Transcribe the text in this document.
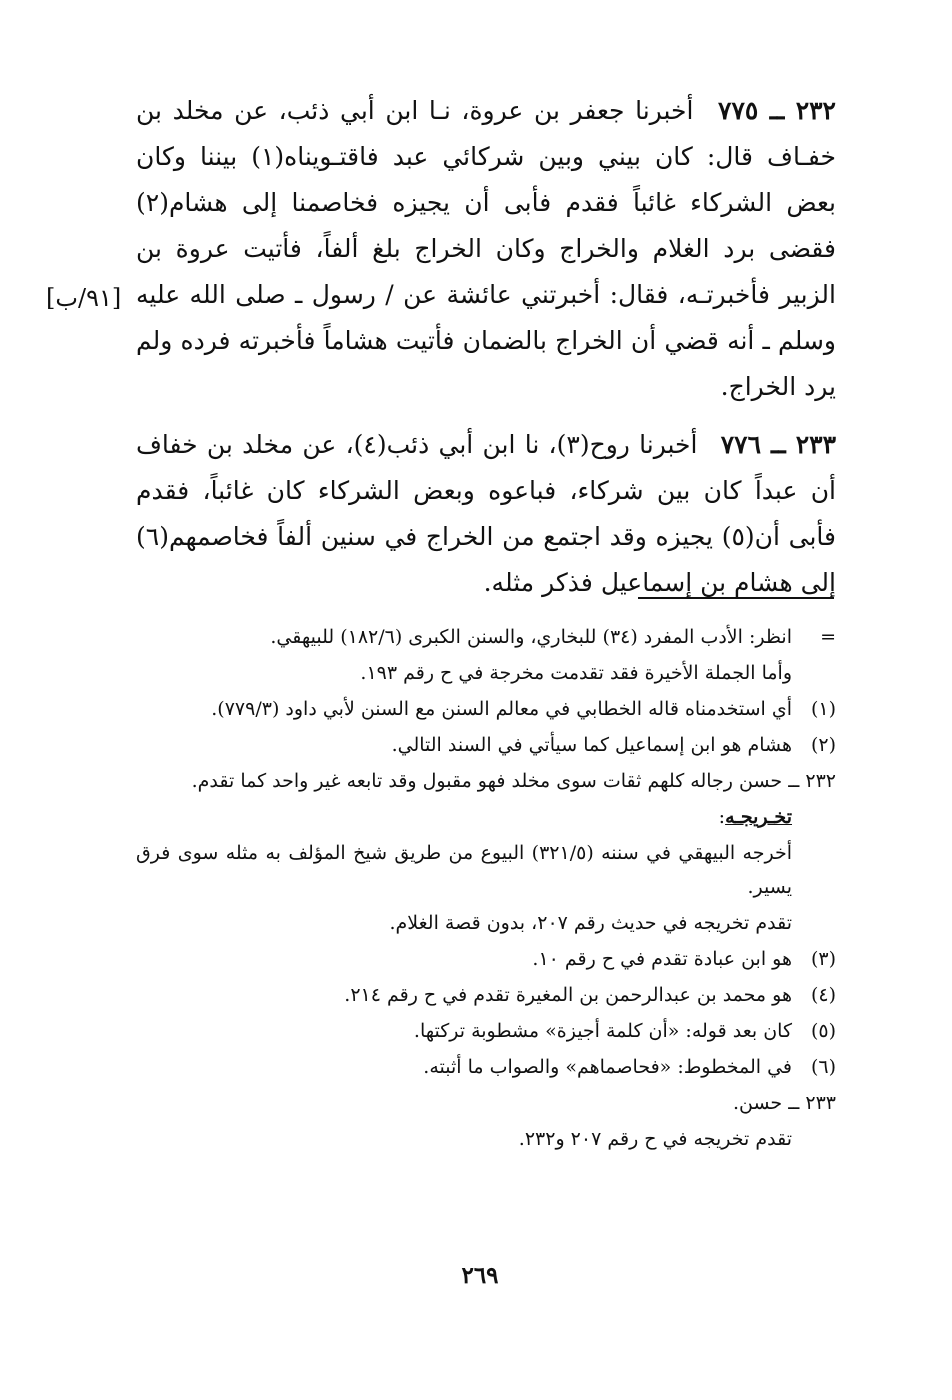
٢٣٢ ــ ٧٧٥ أخبرنا جعفر بن عروة، نـا ابن أبي ذئب، عن مخلد بن خفـاف قال: كان بيني وبين شركائي عبد فاقتـويناه(١) بيننا وكان بعض الشركاء غائباً فقدم فأبى أن يجيزه فخاصمنا إلى هشام(٢) فقضى برد الغلام والخراج وكان الخراج بلغ ألفاً، فأتيت عروة بن الزبير فأخبرتـه، فقال: أخبرتني عائشة عن / رسول ـ صلى الله عليه وسلم ـ أنه قضي أن الخراج بالضمان فأتيت هشاماً فأخبرته فرده ولم يرد الخراج.

٢٣٣ ــ ٧٧٦ أخبرنا روح(٣)، نا ابن أبي ذئب(٤)، عن مخلد بن خفاف أن عبداً كان بين شركاء، فباعوه وبعض الشركاء كان غائباً، فقدم فأبى أن(٥) يجيزه وقد اجتمع من الخراج في سنين ألفاً فخاصمهم(٦) إلى هشام بن إسماعيل فذكر مثله.

[٩١/ب]
=انظر: الأدب المفرد (٣٤) للبخاري، والسنن الكبرى (١٨٢/٦) للبيهقي.
وأما الجملة الأخيرة فقد تقدمت مخرجة في ح رقم ١٩٣.
(١)أي استخدمناه قاله الخطابي في معالم السنن مع السنن لأبي داود (٧٧٩/٣).
(٢)هشام هو ابن إسماعيل كما سيأتي في السند التالي.
٢٣٢ ــ حسن رجاله كلهم ثقات سوى مخلد فهو مقبول وقد تابعه غير واحد كما تقدم.
تخـريجـه:
أخرجه البيهقي في سننه (٣٢١/٥) البيوع من طريق شيخ المؤلف به مثله سوى فرق يسير.
تقدم تخريجه في حديث رقم ٢٠٧، بدون قصة الغلام.
(٣)هو ابن عبادة تقدم في ح رقم ١٠.
(٤)هو محمد بن عبدالرحمن بن المغيرة تقدم في ح رقم ٢١٤.
(٥)كان بعد قوله: «أن كلمة أجيزة» مشطوبة تركتها.
(٦)في المخطوط: «فحاصماهم» والصواب ما أثبته.
٢٣٣ ــ حسن.
تقدم تخريجه في ح رقم ٢٠٧ و٢٣٢.
٢٦٩
